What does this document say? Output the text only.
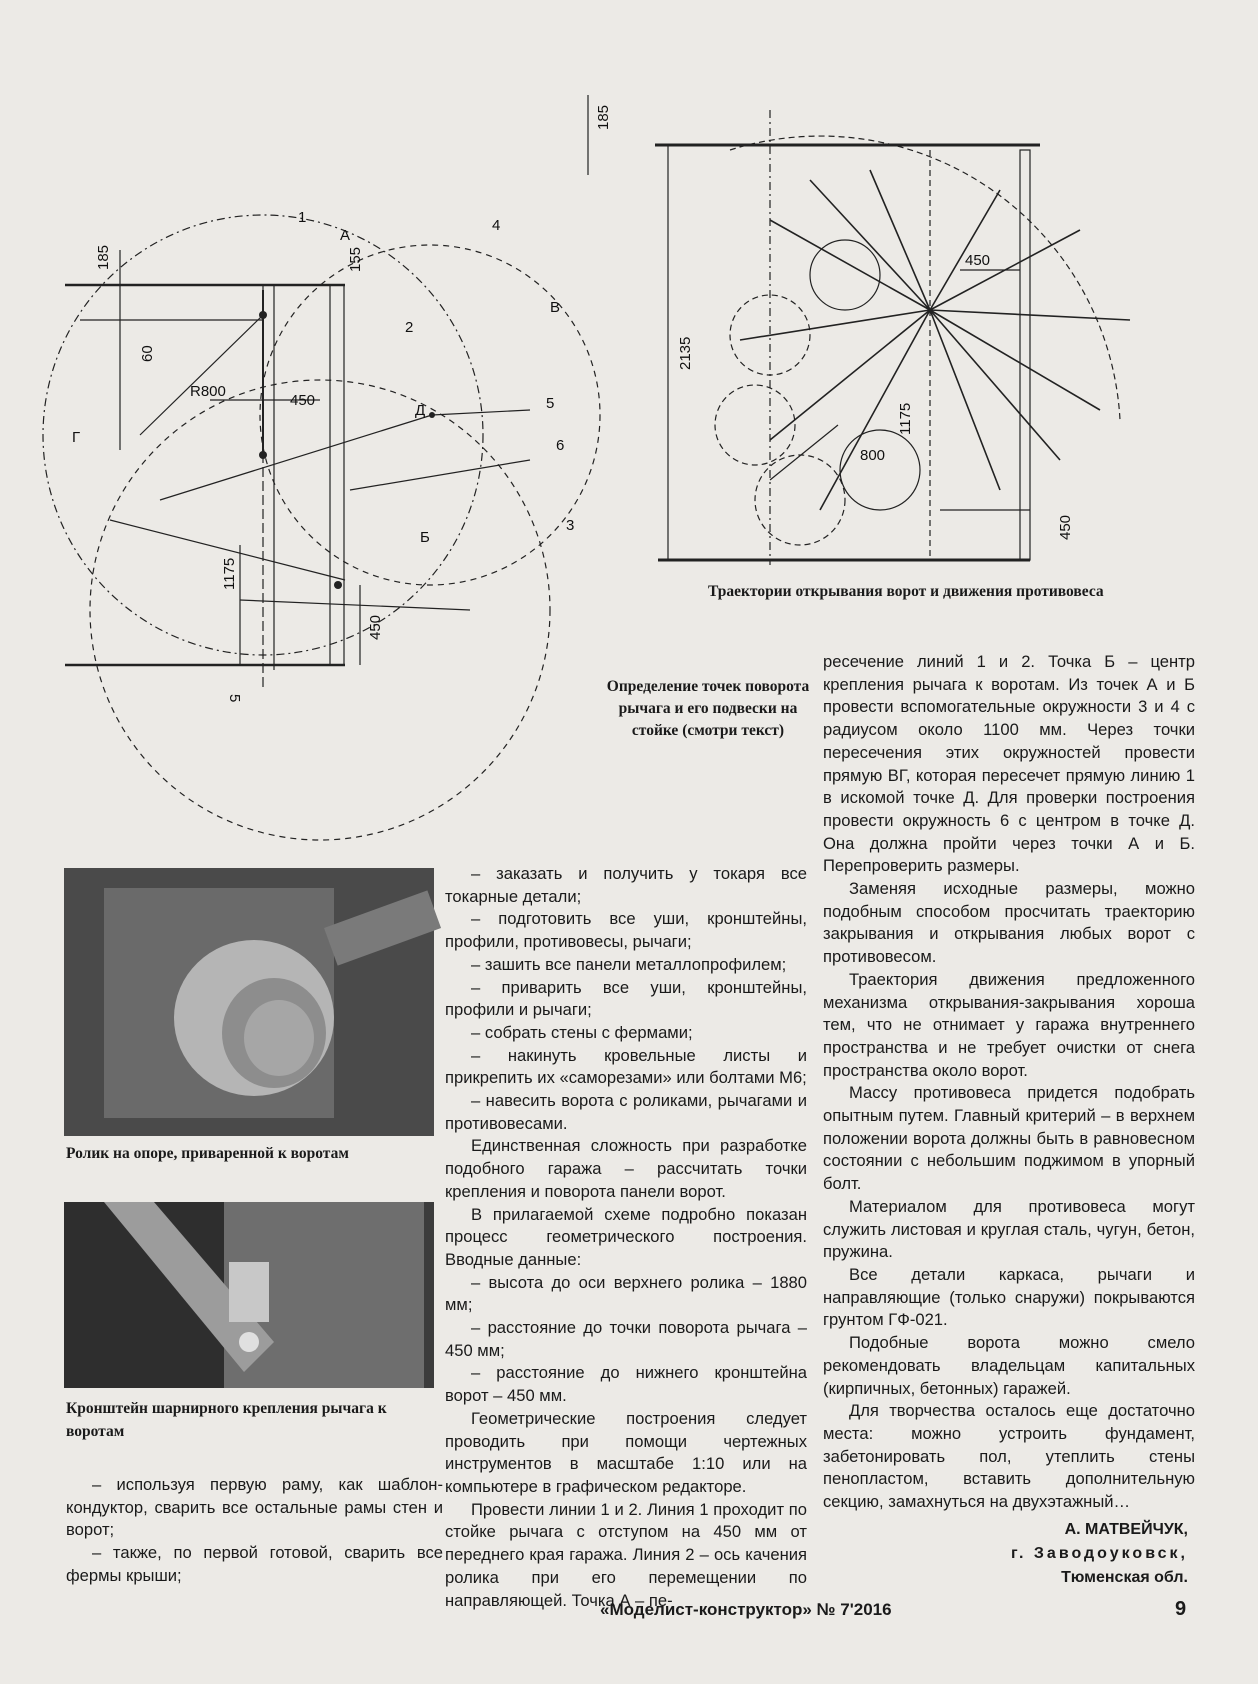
1
2
3
4
5
5
6
А
В
Г
Д
Б
185	155
60
R800
450
1175
450
Определение точек поворота рычага и его подвески на стойке (смотри текст)
185
2135
450
1175
800
450
Траектории открывания ворот и движения противовеса
Ролик на опоре, приваренной к воротам
Кронштейн шарнирного крепления рычага к воротам

– используя первую раму, как шаблон-кондуктор, сварить все остальные рамы стен и ворот;

– также, по первой готовой, сварить все фермы крыши;

– заказать и получить у токаря все токарные детали;

– подготовить все уши, кронштейны, профили, противовесы, рычаги;

– зашить все панели металлопрофилем;

– приварить все уши, кронштейны, профили и рычаги;

– собрать стены с фермами;

– накинуть кровельные листы и прикрепить их «саморезами» или болтами М6;

– навесить ворота с роликами, рычагами и противовесами.

Единственная сложность при разработке подобного гаража – рассчитать точки крепления и поворота панели ворот.

В прилагаемой схеме подробно показан процесс геометрического построения. Вводные данные:

– высота до оси верхнего ролика – 1880 мм;

– расстояние до точки поворота рычага – 450 мм;

– расстояние до нижнего кронштейна ворот – 450 мм.

Геометрические построения следует проводить при помощи чертежных инструментов в масштабе 1:10 или на компьютере в графическом редакторе.

Провести линии 1 и 2. Линия 1 проходит по стойке рычага с отступом на 450 мм от переднего края гаража. Линия 2 – ось качения ролика при его перемещении по направляющей. Точка А – пе-

ресечение линий 1 и 2. Точка Б – центр крепления рычага к воротам. Из точек А и Б провести вспомогательные окружности 3 и 4 с радиусом около 1100 мм. Через точки пересечения этих окружностей провести прямую ВГ, которая пересечет прямую линию 1 в искомой точке Д. Для проверки построения провести окружность 6 с центром в точке Д. Она должна пройти через точки А и Б. Перепроверить размеры.

Заменяя исходные размеры, можно подобным способом просчитать траекторию закрывания и открывания любых ворот с противовесом.

Траектория движения предложенного механизма открывания-закрывания хороша тем, что не отнимает у гаража внутреннего пространства и не требует очистки от снега пространства около ворот.

Массу противовеса придется подобрать опытным путем. Главный критерий – в верхнем положении ворота должны быть в равновесном состоянии с небольшим поджимом в упорный болт.

Материалом для противовеса могут служить листовая и круглая сталь, чугун, бетон, пружина.

Все детали каркаса, рычаги и направляющие (только снаружи) покрываются грунтом ГФ-021.

Подобные ворота можно смело рекомендовать владельцам капитальных (кирпичных, бетонных) гаражей.

Для творчества осталось еще достаточно места: можно устроить фундамент, забетонировать пол, утеплить стены пенопластом, вставить дополнительную секцию, замахнуться на двухэтажный…

А. МАТВЕЙЧУК,
г. Заводоуковск,
Тюменская обл.
«Моделист-конструктор» № 7'2016	9
